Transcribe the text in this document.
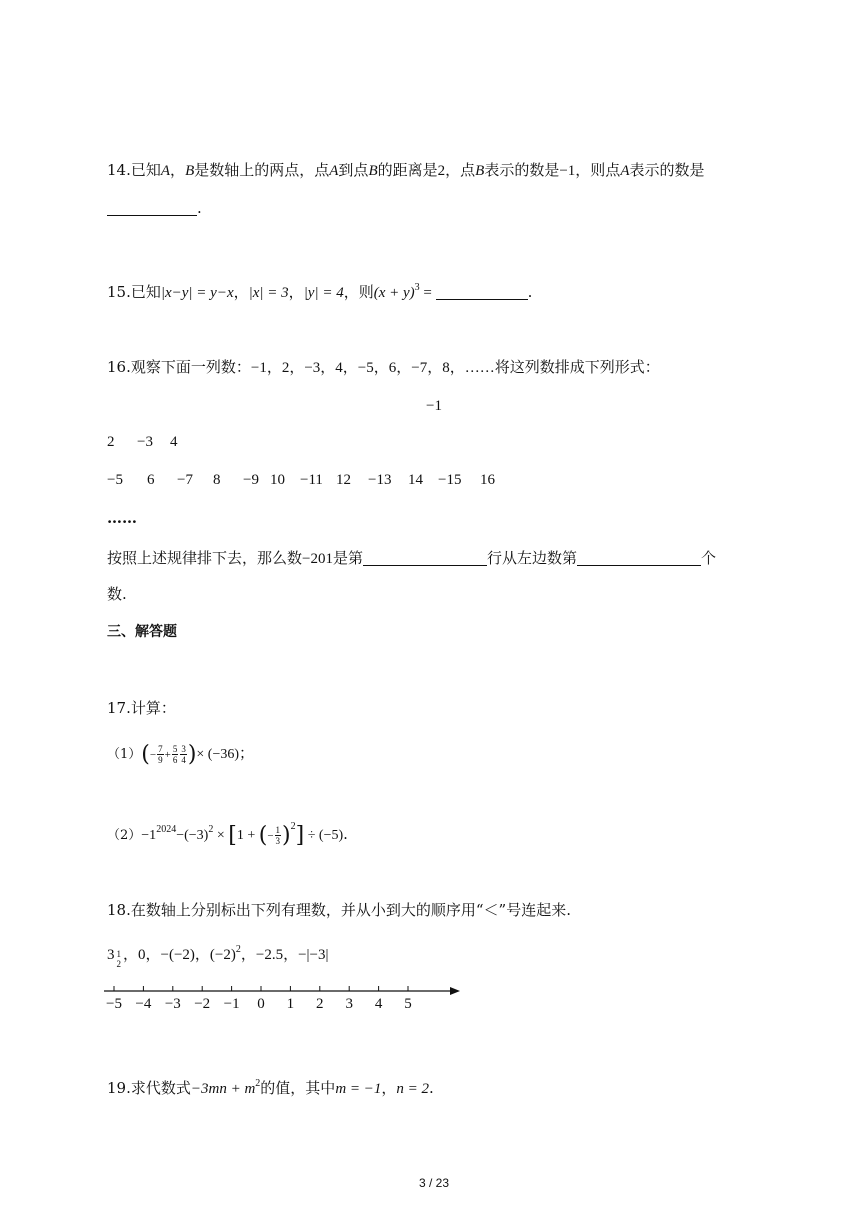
14.已知A，B是数轴上的两点，点A到点B的距离是2，点B表示的数是−1，则点A表示的数是
.
15.已知|x−y| = y−x，|x| = 3，|y| = 4，则$(x + y)^3$ =	.
16.观察下面一列数：−1，2，−3，4，−5，6，−7，8，……将这列数排成下列形式：
−1
2 −3 4
−5 6 −7 8 −9 10 −11 12 −13 14 −15 16
……
按照上述规律排下去，那么数−201是第	行从左边数第	个
数.
三、解答题
17.计算：
$(1)(- \frac{7}{9} + \frac{5}{6} \frac{3}{4}$ )× (−36)；
$(2)-1^{2024}-(-3)^2 \times [1$ + (− $\frac{1}{3} )^2] \div (-5)$.
18.在数轴上分别标出下列有理数，并从小到大的顺序用“＜”号连起来.
3 1
2
，0，−(−2)，$(-2)^2$，−2.5，−|−3|
−5 −4 −3 −2 −1 0 1 2 3 4 5
19.求代数式$-3mn + m^2$的值，其中m = −1，n = 2.
3 / 23
